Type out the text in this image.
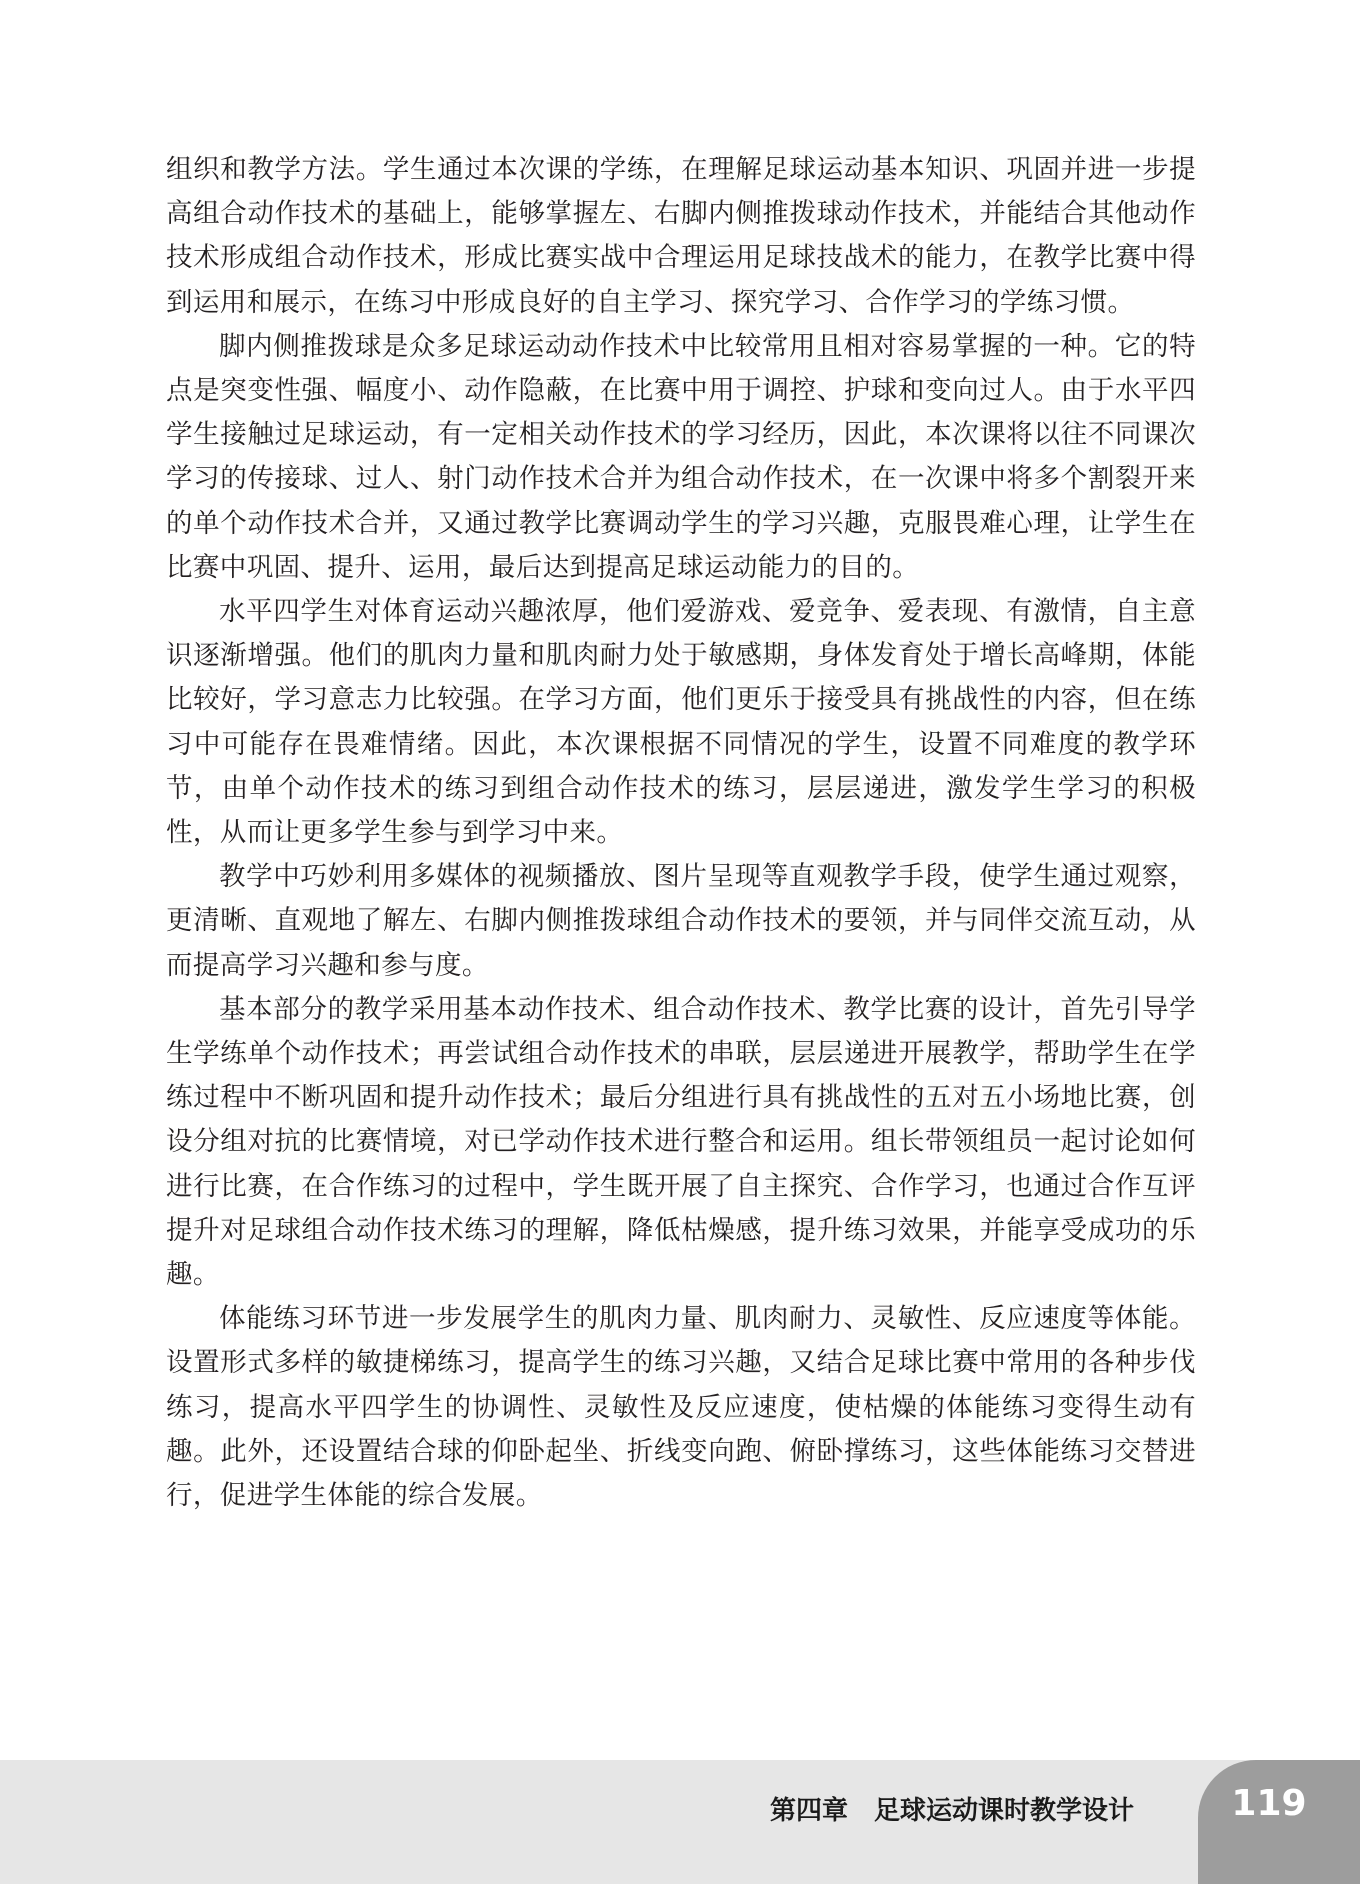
组织和教学方法。学生通过本次课的学练，在理解足球运动基本知识、巩固并进一步提高组合动作技术的基础上，能够掌握左、右脚内侧推拨球动作技术，并能结合其他动作技术形成组合动作技术，形成比赛实战中合理运用足球技战术的能力，在教学比赛中得到运用和展示，在练习中形成良好的自主学习、探究学习、合作学习的学练习惯。

脚内侧推拨球是众多足球运动动作技术中比较常用且相对容易掌握的一种。它的特点是突变性强、幅度小、动作隐蔽，在比赛中用于调控、护球和变向过人。由于水平四学生接触过足球运动，有一定相关动作技术的学习经历，因此，本次课将以往不同课次学习的传接球、过人、射门动作技术合并为组合动作技术，在一次课中将多个割裂开来的单个动作技术合并，又通过教学比赛调动学生的学习兴趣，克服畏难心理，让学生在比赛中巩固、提升、运用，最后达到提高足球运动能力的目的。

水平四学生对体育运动兴趣浓厚，他们爱游戏、爱竞争、爱表现、有激情，自主意识逐渐增强。他们的肌肉力量和肌肉耐力处于敏感期，身体发育处于增长高峰期，体能比较好，学习意志力比较强。在学习方面，他们更乐于接受具有挑战性的内容，但在练习中可能存在畏难情绪。因此，本次课根据不同情况的学生，设置不同难度的教学环节，由单个动作技术的练习到组合动作技术的练习，层层递进，激发学生学习的积极性，从而让更多学生参与到学习中来。

教学中巧妙利用多媒体的视频播放、图片呈现等直观教学手段，使学生通过观察，更清晰、直观地了解左、右脚内侧推拨球组合动作技术的要领，并与同伴交流互动，从而提高学习兴趣和参与度。

基本部分的教学采用基本动作技术、组合动作技术、教学比赛的设计，首先引导学生学练单个动作技术；再尝试组合动作技术的串联，层层递进开展教学，帮助学生在学练过程中不断巩固和提升动作技术；最后分组进行具有挑战性的五对五小场地比赛，创设分组对抗的比赛情境，对已学动作技术进行整合和运用。组长带领组员一起讨论如何进行比赛，在合作练习的过程中，学生既开展了自主探究、合作学习，也通过合作互评提升对足球组合动作技术练习的理解，降低枯燥感，提升练习效果，并能享受成功的乐趣。

体能练习环节进一步发展学生的肌肉力量、肌肉耐力、灵敏性、反应速度等体能。设置形式多样的敏捷梯练习，提高学生的练习兴趣，又结合足球比赛中常用的各种步伐练习，提高水平四学生的协调性、灵敏性及反应速度，使枯燥的体能练习变得生动有趣。此外，还设置结合球的仰卧起坐、折线变向跑、俯卧撑练习，这些体能练习交替进行，促进学生体能的综合发展。

第四章　足球运动课时教学设计	119
